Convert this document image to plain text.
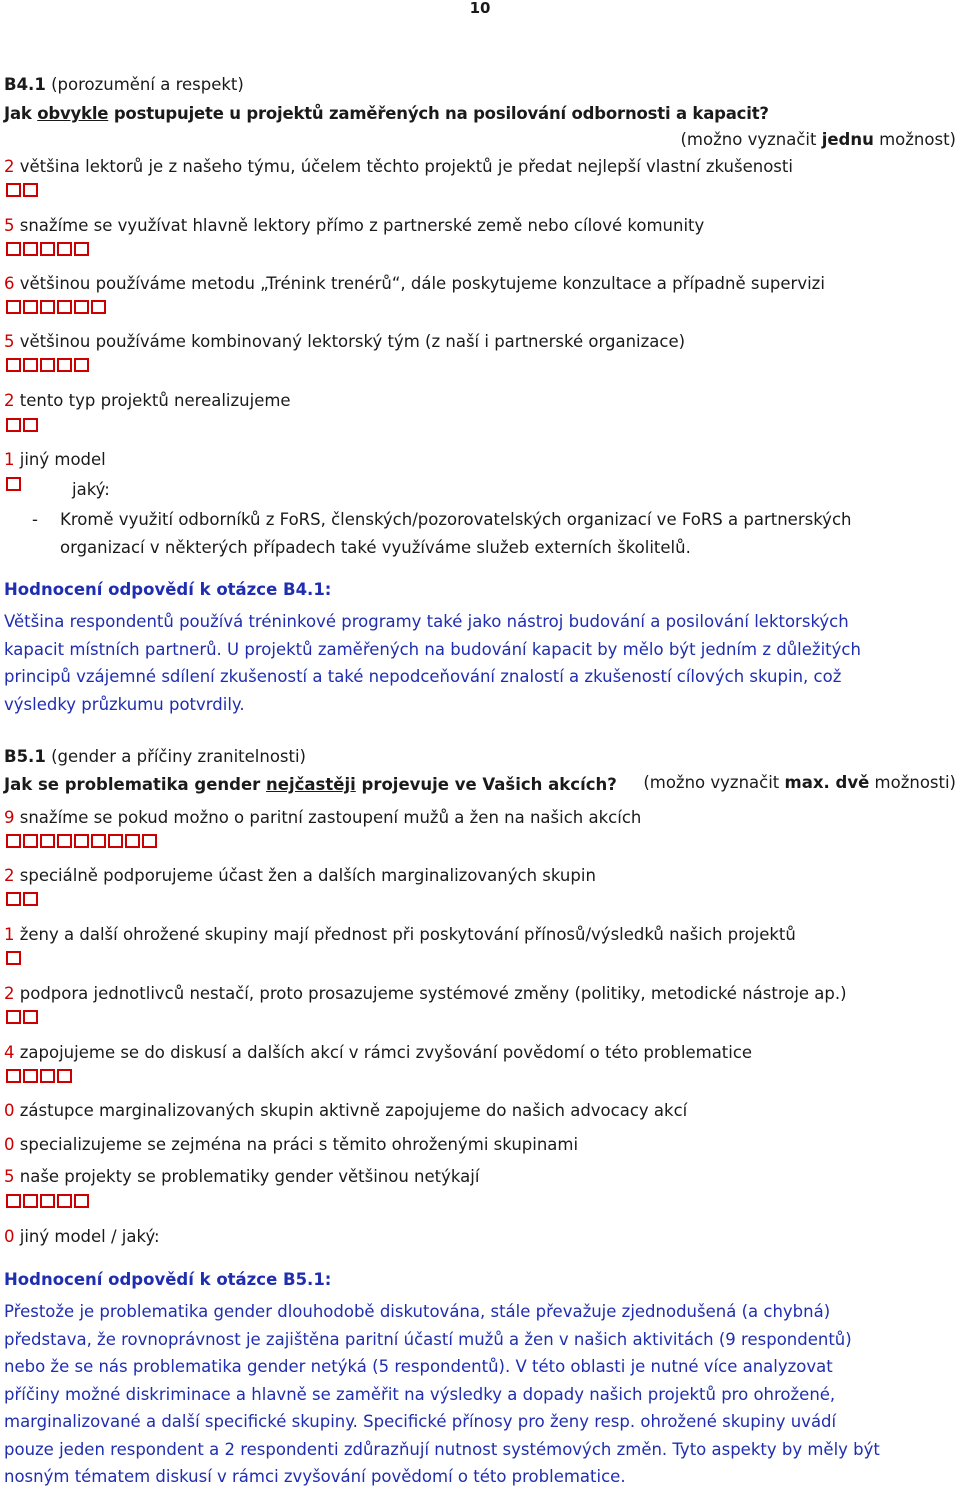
10
B4.1 (porozumění a respekt)
Jak obvykle postupujete u projektů zaměřených na posilování odbornosti a kapacit?
(možno vyznačit jednu možnost)
2 většina lektorů je z našeho týmu, účelem těchto projektů je předat nejlepší vlastní zkušenosti
5 snažíme se využívat hlavně lektory přímo z partnerské země nebo cílové komunity
6 většinou používáme metodu „Trénink trenérů“, dále poskytujeme konzultace a případně supervizi
5 většinou používáme kombinovaný lektorský tým (z naší i partnerské organizace)
2 tento typ projektů nerealizujeme
1 jiný model
jaký:
- Kromě využití odborníků z FoRS, členských/pozorovatelských organizací ve FoRS a partnerských
organizací v některých případech také využíváme služeb externích školitelů.
Hodnocení odpovědí k otázce B4.1:
Většina respondentů používá tréninkové programy také jako nástroj budování a posilování lektorských
kapacit místních partnerů. U projektů zaměřených na budování kapacit by mělo být jedním z důležitých
principů vzájemné sdílení zkušeností a také nepodceňování znalostí a zkušeností cílových skupin, což
výsledky průzkumu potvrdily.
B5.1 (gender a příčiny zranitelnosti)
Jak se problematika gender nejčastěji projevuje ve Vašich akcích? (možno vyznačit max. dvě možnosti)
9 snažíme se pokud možno o paritní zastoupení mužů a žen na našich akcích
2 speciálně podporujeme účast žen a dalších marginalizovaných skupin
1 ženy a další ohrožené skupiny mají přednost při poskytování přínosů/výsledků našich projektů
2 podpora jednotlivců nestačí, proto prosazujeme systémové změny (politiky, metodické nástroje ap.)
4 zapojujeme se do diskusí a dalších akcí v rámci zvyšování povědomí o této problematice
0 zástupce marginalizovaných skupin aktivně zapojujeme do našich advocacy akcí
0 specializujeme se zejména na práci s těmito ohroženými skupinami
5 naše projekty se problematiky gender většinou netýkají
0 jiný model / jaký:
Hodnocení odpovědí k otázce B5.1:
Přestože je problematika gender dlouhodobě diskutována, stále převažuje zjednodušená (a chybná)
představa, že rovnoprávnost je zajištěna paritní účastí mužů a žen v našich aktivitách (9 respondentů)
nebo že se nás problematika gender netýká (5 respondentů). V této oblasti je nutné více analyzovat
příčiny možné diskriminace a hlavně se zaměřit na výsledky a dopady našich projektů pro ohrožené,
marginalizované a další specifické skupiny. Specifické přínosy pro ženy resp. ohrožené skupiny uvádí
pouze jeden respondent a 2 respondenti zdůrazňují nutnost systémových změn. Tyto aspekty by měly být
nosným tématem diskusí v rámci zvyšování povědomí o této problematice.
